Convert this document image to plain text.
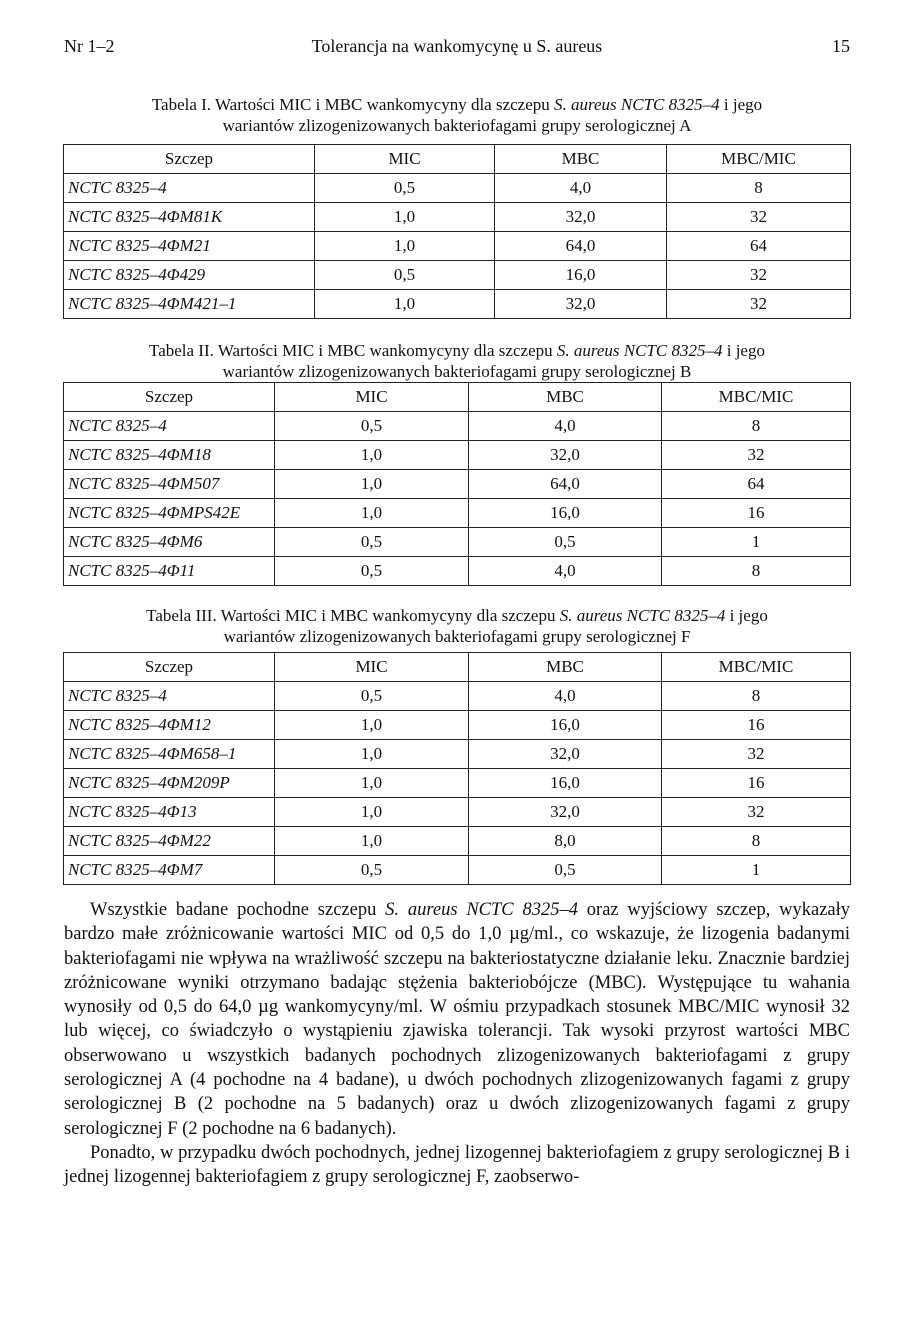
Nr 1–2	Tolerancja na wankomycynę u S. aureus	15
Tabela I. Wartości MIC i MBC wankomycyny dla szczepu S. aureus NCTC 8325–4 i jego
wariantów zlizogenizowanych bakteriofagami grupy serologicznej A
Szczep	MIC	MBC	MBC/MIC
NCTC 8325–4	0,5	4,0	8
NCTC 8325–4ΦM81K	1,0	32,0	32
NCTC 8325–4ΦM21	1,0	64,0	64
NCTC 8325–4Φ429	0,5	16,0	32
NCTC 8325–4ΦM421–1	1,0	32,0	32
Tabela II. Wartości MIC i MBC wankomycyny dla szczepu S. aureus NCTC 8325–4 i jego
wariantów zlizogenizowanych bakteriofagami grupy serologicznej B
Szczep	MIC	MBC	MBC/MIC
NCTC 8325–4	0,5	4,0	8
NCTC 8325–4ΦM18	1,0	32,0	32
NCTC 8325–4ΦM507	1,0	64,0	64
NCTC 8325–4ΦMPS42E	1,0	16,0	16
NCTC 8325–4ΦM6	0,5	0,5	1
NCTC 8325–4Φ11	0,5	4,0	8
Tabela III. Wartości MIC i MBC wankomycyny dla szczepu S. aureus NCTC 8325–4 i jego
wariantów zlizogenizowanych bakteriofagami grupy serologicznej F
Szczep	MIC	MBC	MBC/MIC
NCTC 8325–4	0,5	4,0	8
NCTC 8325–4ΦM12	1,0	16,0	16
NCTC 8325–4ΦM658–1	1,0	32,0	32
NCTC 8325–4ΦM209P	1,0	16,0	16
NCTC 8325–4Φ13	1,0	32,0	32
NCTC 8325–4ΦM22	1,0	8,0	8
NCTC 8325–4ΦM7	0,5	0,5	1

Wszystkie badane pochodne szczepu S. aureus NCTC 8325–4 oraz wyjściowy szczep, wykazały bardzo małe zróżnicowanie wartości MIC od 0,5 do 1,0 µg/ml., co wskazuje, że lizogenia badanymi bakteriofagami nie wpływa na wrażliwość szczepu na bakteriostatyczne działanie leku. Znacznie bardziej zróżnicowane wyniki otrzymano badając stężenia bakteriobójcze (MBC). Występujące tu wahania wynosiły od 0,5 do 64,0 µg wankomycyny/ml. W ośmiu przypadkach stosunek MBC/MIC wynosił 32 lub więcej, co świadczyło o wystąpieniu zjawiska tolerancji. Tak wysoki przyrost wartości MBC obserwowano u wszystkich badanych pochodnych zlizogenizowanych bakteriofagami z grupy serologicznej A (4 pochodne na 4 badane), u dwóch pochodnych zlizogenizowanych fagami z grupy serologicznej B (2 pochodne na 5 badanych) oraz u dwóch zlizogenizowanych fagami z grupy serologicznej F (2 pochodne na 6 badanych).

Ponadto, w przypadku dwóch pochodnych, jednej lizogennej bakteriofagiem z grupy serologicznej B i jednej lizogennej bakteriofagiem z grupy serologicznej F, zaobserwo-
